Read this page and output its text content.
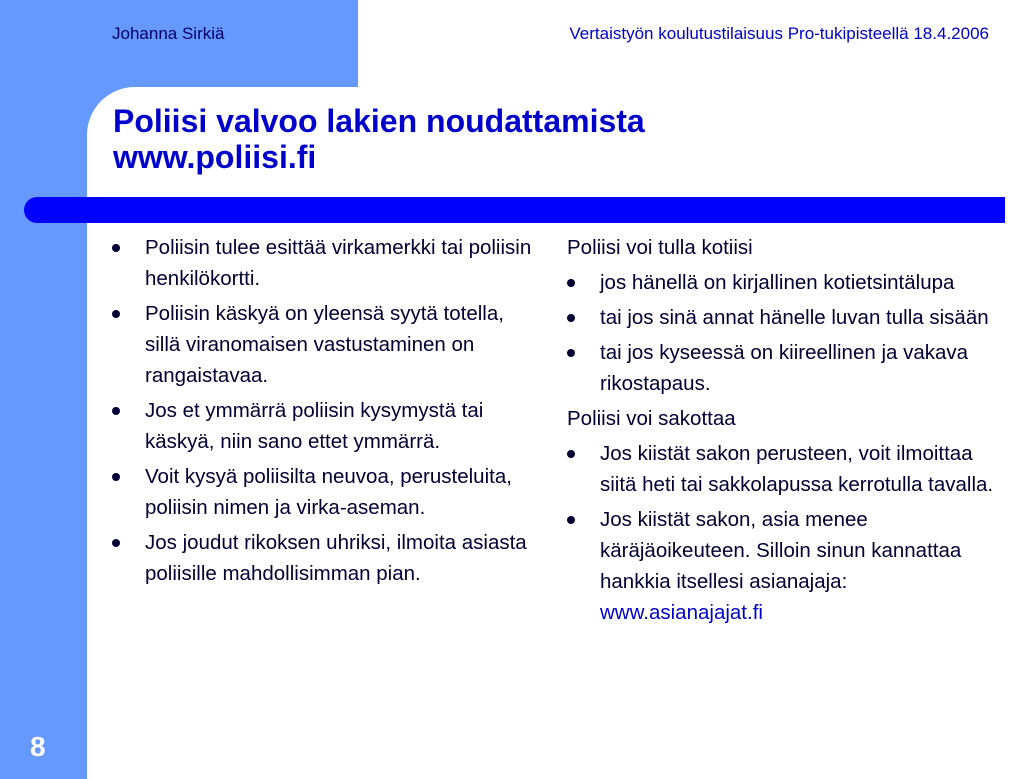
Johanna Sirkiä	Vertaistyön koulutustilaisuus Pro-tukipisteellä 18.4.2006
Poliisi valvoo lakien noudattamista
www.poliisi.fi
Poliisin tulee esittää virkamerkki tai poliisin henkilökortti.
Poliisin käskyä on yleensä syytä totella, sillä viranomaisen vastustaminen on rangaistavaa.
Jos et ymmärrä poliisin kysymystä tai käskyä, niin sano ettet ymmärrä.
Voit kysyä poliisilta neuvoa, perusteluita, poliisin nimen ja virka-aseman.
Jos joudut rikoksen uhriksi, ilmoita asiasta poliisille mahdollisimman pian.
Poliisi voi tulla kotiisi
jos hänellä on kirjallinen kotietsintälupa
tai jos sinä annat hänelle luvan tulla sisään
tai jos kyseessä on kiireellinen ja vakava rikostapaus.
Poliisi voi sakottaa
Jos kiistät sakon perusteen, voit ilmoittaa siitä heti tai sakkolapussa kerrotulla tavalla.
Jos kiistät sakon, asia menee käräjäoikeuteen. Silloin sinun kannattaa hankkia itsellesi asianajaja: www.asianajajat.fi
8
